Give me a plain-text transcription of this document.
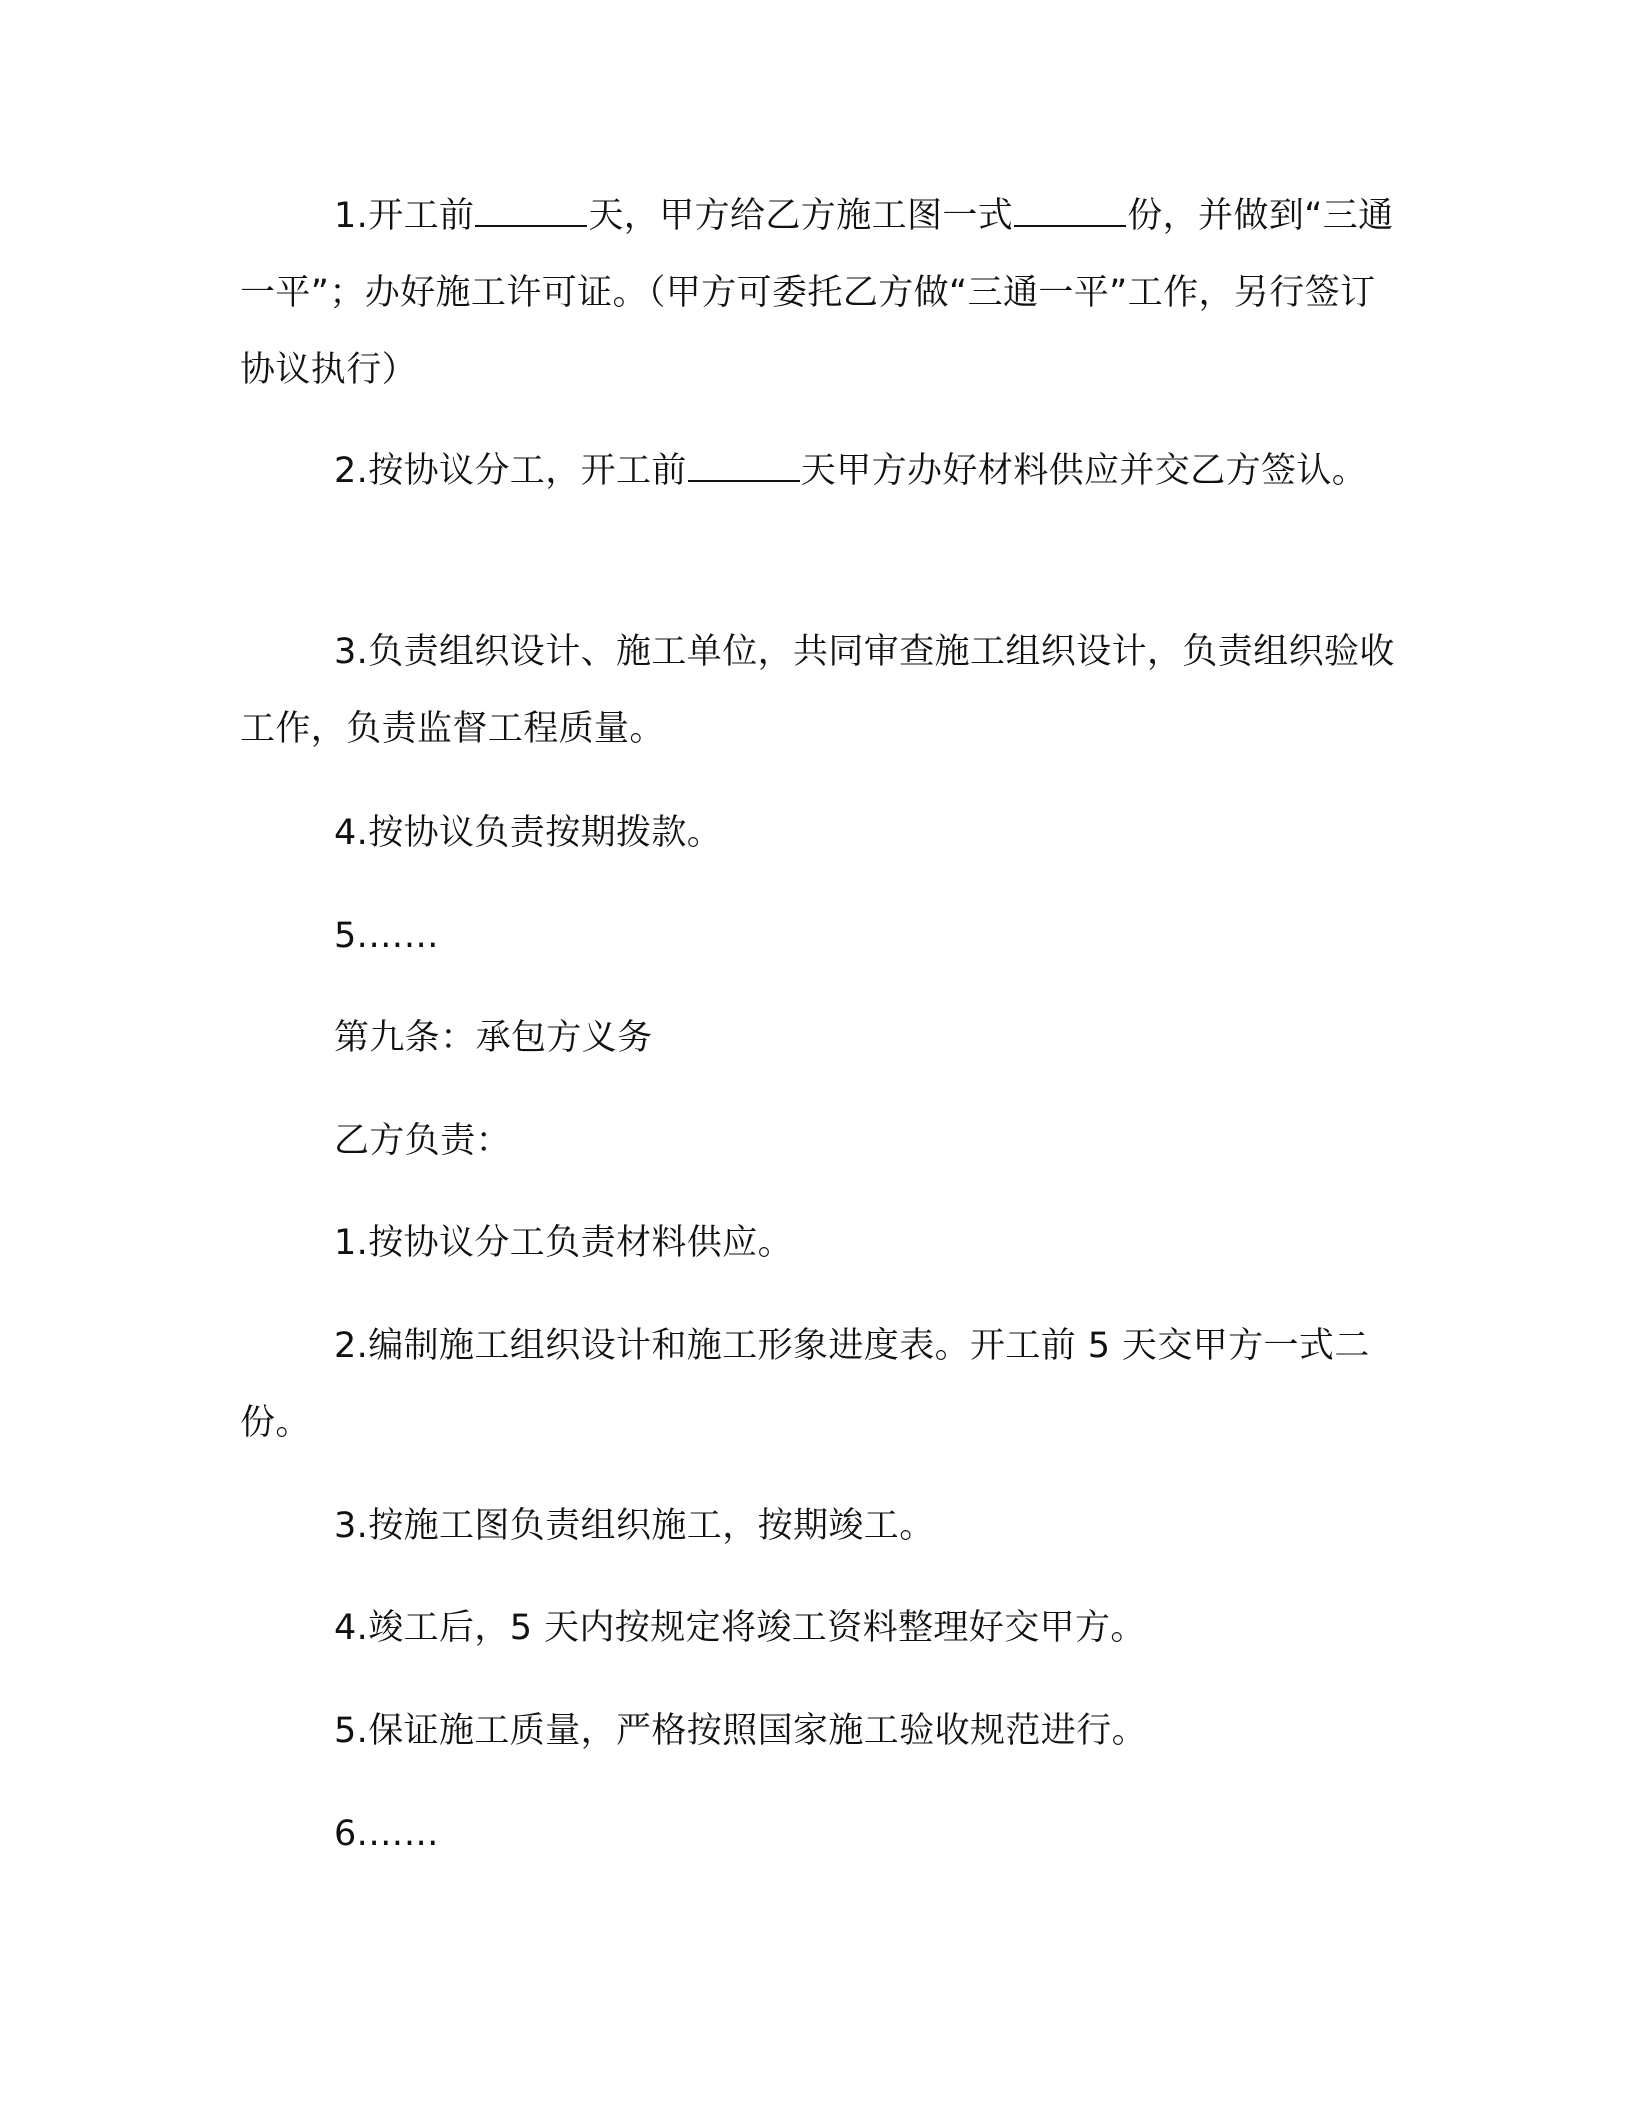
1.开工前	天，甲方给乙方施工图一式	份，并做到“三通一平”；办好施工许可证。（甲方可委托乙方做“三通一平”工作，另行签订协议执行）

2.按协议分工，开工前	天甲方办好材料供应并交乙方签认。

3.负责组织设计、施工单位，共同审查施工组织设计，负责组织验收工作，负责监督工程质量。

4.按协议负责按期拨款。

5.……

第九条：承包方义务

乙方负责：

1.按协议分工负责材料供应。

2.编制施工组织设计和施工形象进度表。开工前 5 天交甲方一式二份。

3.按施工图负责组织施工，按期竣工。

4.竣工后，5 天内按规定将竣工资料整理好交甲方。

5.保证施工质量，严格按照国家施工验收规范进行。

6.……
